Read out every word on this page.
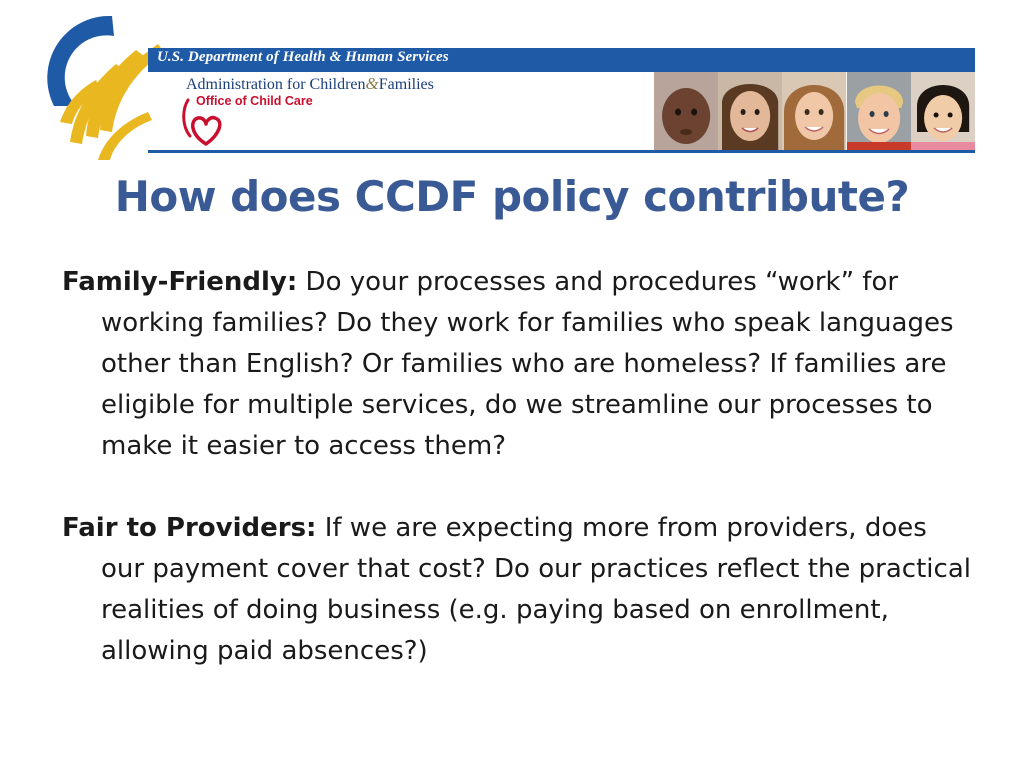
U.S. Department of Health & Human Services
Administration for Children&Families
Office of Child Care
How does CCDF policy contribute?

Family-Friendly: Do your processes and procedures “work” for working families? Do they work for families who speak languages other than English? Or families who are homeless? If families are eligible for multiple services, do we streamline our processes to make it easier to access them?

Fair to Providers: If we are expecting more from providers, does our payment cover that cost? Do our practices reflect the practical realities of doing business (e.g. paying based on enrollment, allowing paid absences?)
